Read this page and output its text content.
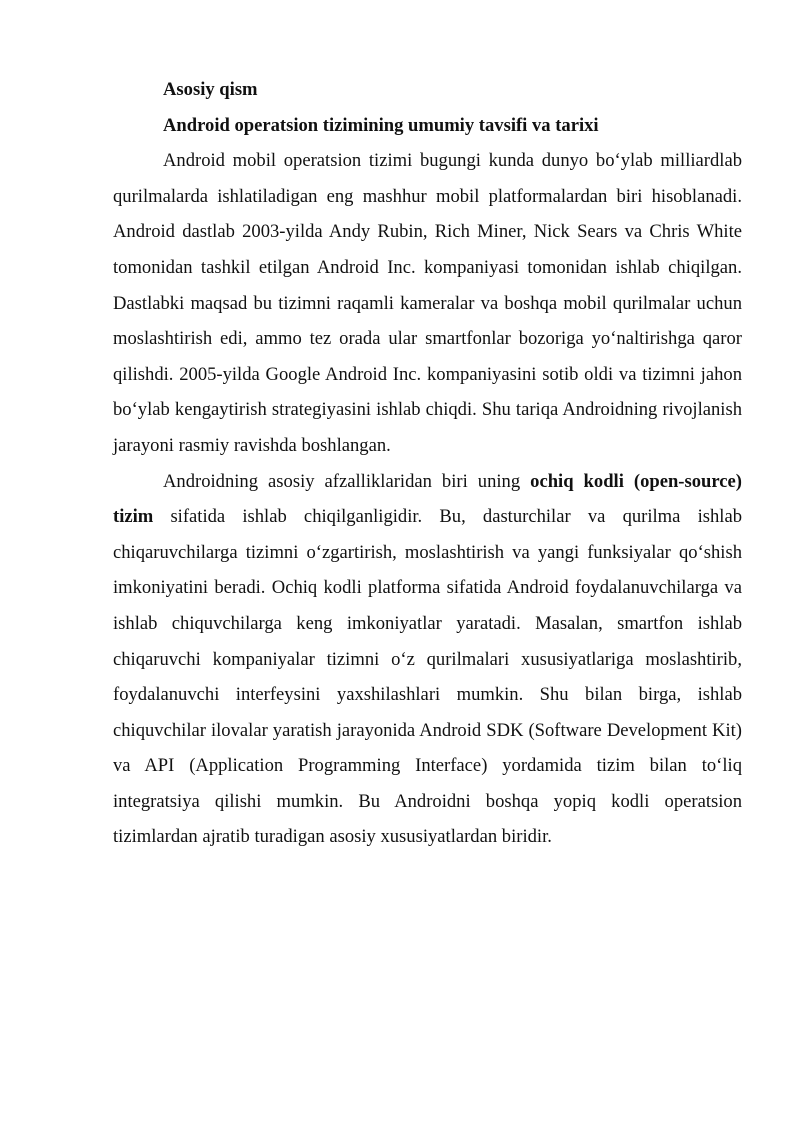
Asosiy qism

Android operatsion tizimining umumiy tavsifi va tarixi

Android mobil operatsion tizimi bugungi kunda dunyo bo‘ylab milliardlab qurilmalarda ishlatiladigan eng mashhur mobil platformalardan biri hisoblanadi. Android dastlab 2003-yilda Andy Rubin, Rich Miner, Nick Sears va Chris White tomonidan tashkil etilgan Android Inc. kompaniyasi tomonidan ishlab chiqilgan. Dastlabki maqsad bu tizimni raqamli kameralar va boshqa mobil qurilmalar uchun moslashtirish edi, ammo tez orada ular smartfonlar bozoriga yo‘naltirishga qaror qilishdi. 2005-yilda Google Android Inc. kompaniyasini sotib oldi va tizimni jahon bo‘ylab kengaytirish strategiyasini ishlab chiqdi. Shu tariqa Androidning rivojlanish jarayoni rasmiy ravishda boshlangan.

Androidning asosiy afzalliklaridan biri uning ochiq kodli (open-source) tizim sifatida ishlab chiqilganligidir. Bu, dasturchilar va qurilma ishlab chiqaruvchilarga tizimni o‘zgartirish, moslashtirish va yangi funksiyalar qo‘shish imkoniyatini beradi. Ochiq kodli platforma sifatida Android foydalanuvchilarga va ishlab chiquvchilarga keng imkoniyatlar yaratadi. Masalan, smartfon ishlab chiqaruvchi kompaniyalar tizimni o‘z qurilmalari xususiyatlariga moslashtirib, foydalanuvchi interfeysini yaxshilashlari mumkin. Shu bilan birga, ishlab chiquvchilar ilovalar yaratish jarayonida Android SDK (Software Development Kit) va API (Application Programming Interface) yordamida tizim bilan to‘liq integratsiya qilishi mumkin. Bu Androidni boshqa yopiq kodli operatsion tizimlardan ajratib turadigan asosiy xususiyatlardan biridir.
